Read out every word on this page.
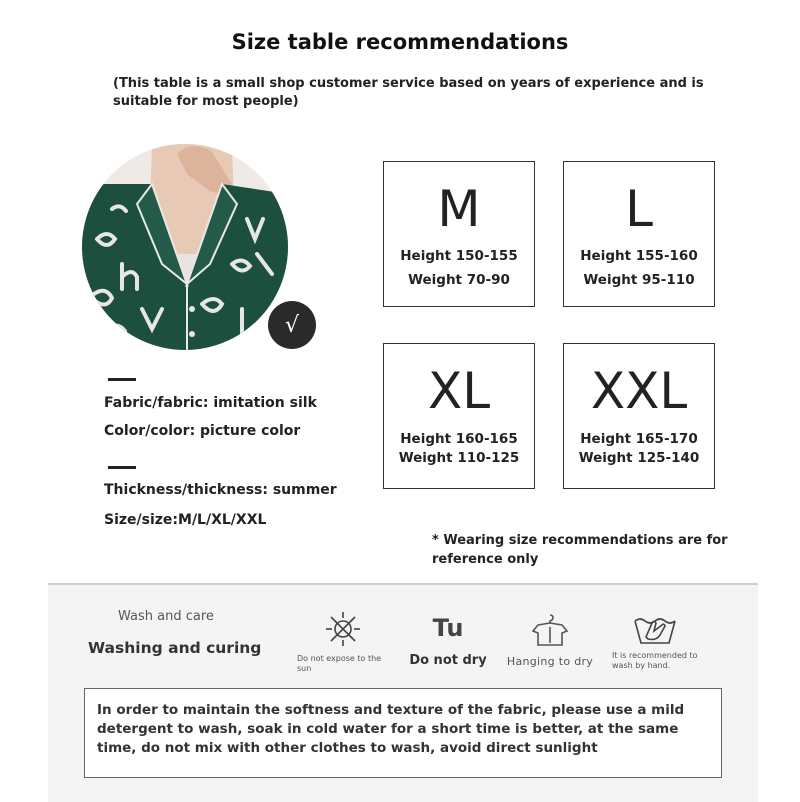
Size table recommendations
(This table is a small shop customer service based on years of experience and is suitable for most people)
√
Fabric/fabric: imitation silk
Color/color: picture color
Thickness/thickness: summer
Size/size:M/L/XL/XXL
M
Height 150-155
Weight 70-90
L
Height 155-160
Weight 95-110
XL
Height 160-165
Weight 110-125
XXL
Height 165-170
Weight 125-140
* Wearing size recommendations are for reference only
Wash and care
Washing and curing
Do not expose to the sun
Tu
Do not dry	Hanging to dry	It is recommended to wash by hand.
In order to maintain the softness and texture of the fabric, please use a mild detergent to wash, soak in cold water for a short time is better, at the same time, do not mix with other clothes to wash, avoid direct sunlight
